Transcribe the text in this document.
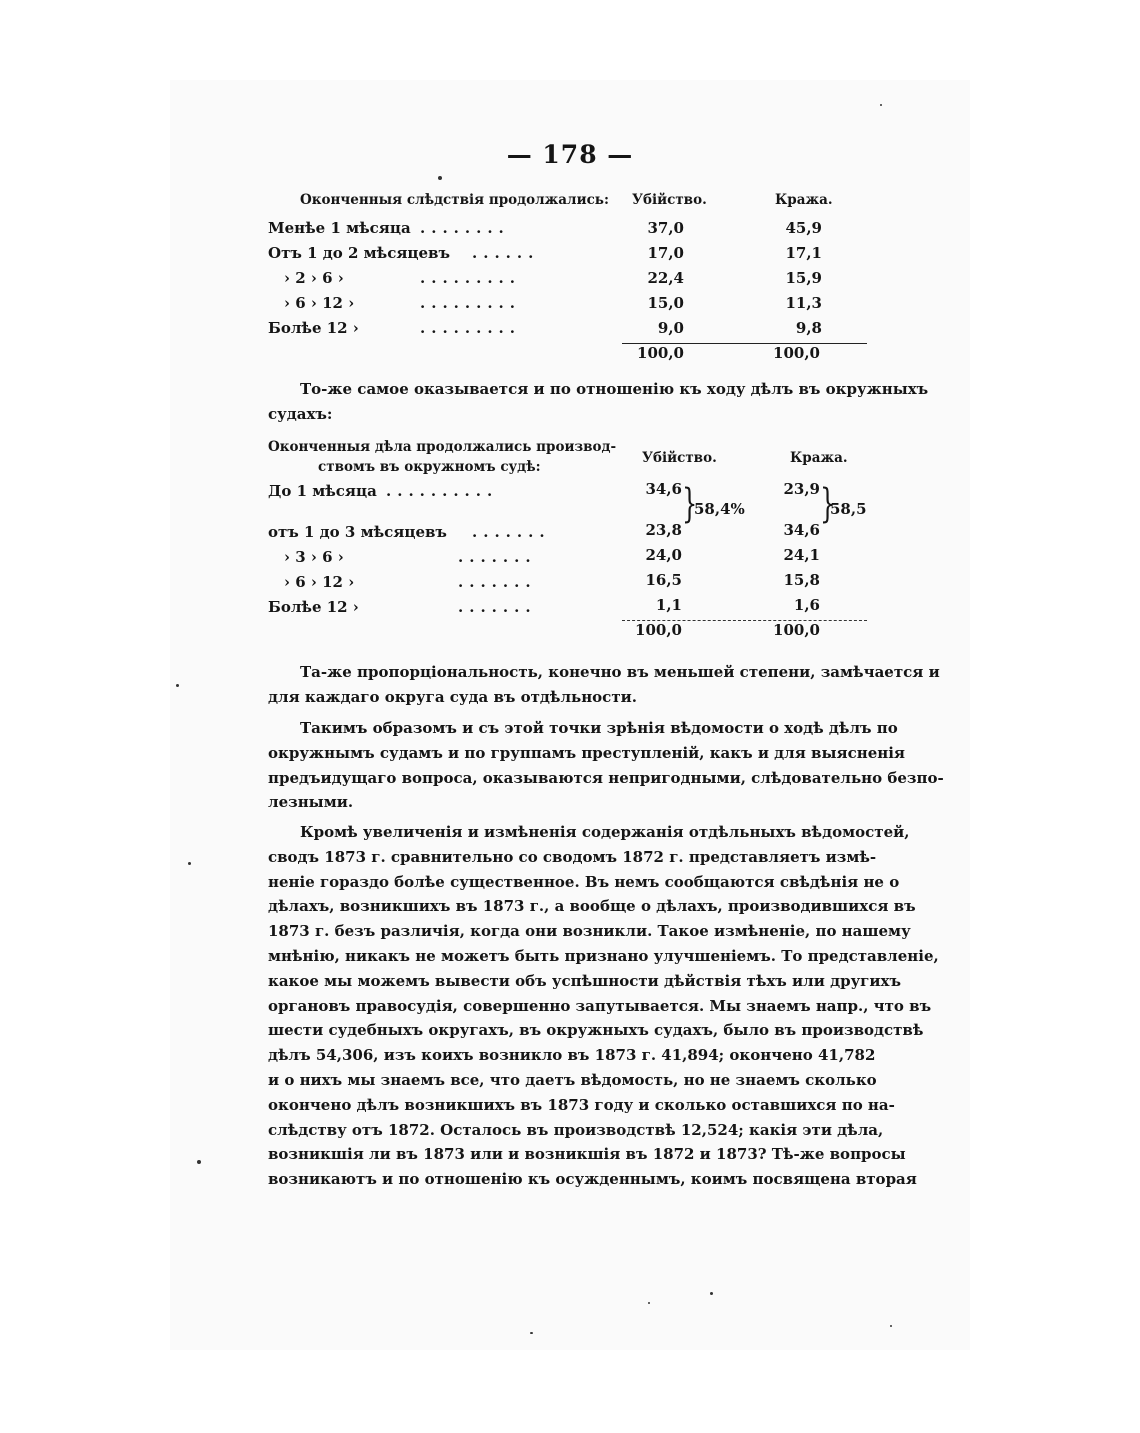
— 178 —
Оконченныя слѣдствія продолжались: Убійство.	Кража.
Менѣе 1 мѣсяца	37,0	45,9
Отъ 1 до 2 мѣсяцевъ	17,0	17,1
› 2 › 6 ›	22,4	15,9
› 6 › 12 ›	15,0	11,3
Болѣе 12 ›	9,0	9,8
........
......
.........
.........
.........
100,0	100,0
То-же самое оказывается и по отношенію къ ходу дѣлъ въ окружныхъ
судахъ:
Оконченныя дѣла продолжались производ-
ствомъ въ окружномъ судѣ:
Убійство.	Кража.
До 1 мѣсяца	34,6	23,9
отъ 1 до 3 мѣсяцевъ	23,8	34,6
}
58,4% }
58,5
› 3 › 6 ›	24,0	24,1
› 6 › 12 ›	16,5	15,8
Болѣе 12 ›	1,1	1,6
..........
.......
.......
.......
.......
100,0	100,0
Та-же пропорціональность, конечно въ меньшей степени, замѣчается и
для каждаго округа суда въ отдѣльности.
Такимъ образомъ и съ этой точки зрѣнія вѣдомости о ходѣ дѣлъ по
окружнымъ судамъ и по группамъ преступленій, какъ и для выясненія
предъидущаго вопроса, оказываются непригодными, слѣдовательно безпо-
лезными.
Кромѣ увеличенія и измѣненія содержанія отдѣльныхъ вѣдомостей,
сводъ 1873 г. сравнительно со сводомъ 1872 г. представляетъ измѣ-
неніе гораздо болѣе существенное. Въ немъ сообщаются свѣдѣнія не о
дѣлахъ, возникшихъ въ 1873 г., а вообще о дѣлахъ, производившихся въ
1873 г. безъ различія, когда они возникли. Такое измѣненіе, по нашему
мнѣнію, никакъ не можетъ быть признано улучшеніемъ. То представленіе,
какое мы можемъ вывести объ успѣшности дѣйствія тѣхъ или другихъ
органовъ правосудія, совершенно запутывается. Мы знаемъ напр., что въ
шести судебныхъ округахъ, въ окружныхъ судахъ, было въ производствѣ
дѣлъ 54,306, изъ коихъ возникло въ 1873 г. 41,894; окончено 41,782
и о нихъ мы знаемъ все, что даетъ вѣдомость, но не знаемъ сколько
окончено дѣлъ возникшихъ въ 1873 году и сколько оставшихся по на-
слѣдству отъ 1872. Осталось въ производствѣ 12,524; какія эти дѣла,
возникшія ли въ 1873 или и возникшія въ 1872 и 1873? Тѣ-же вопросы
возникаютъ и по отношенію къ осужденнымъ, коимъ посвящена вторая
